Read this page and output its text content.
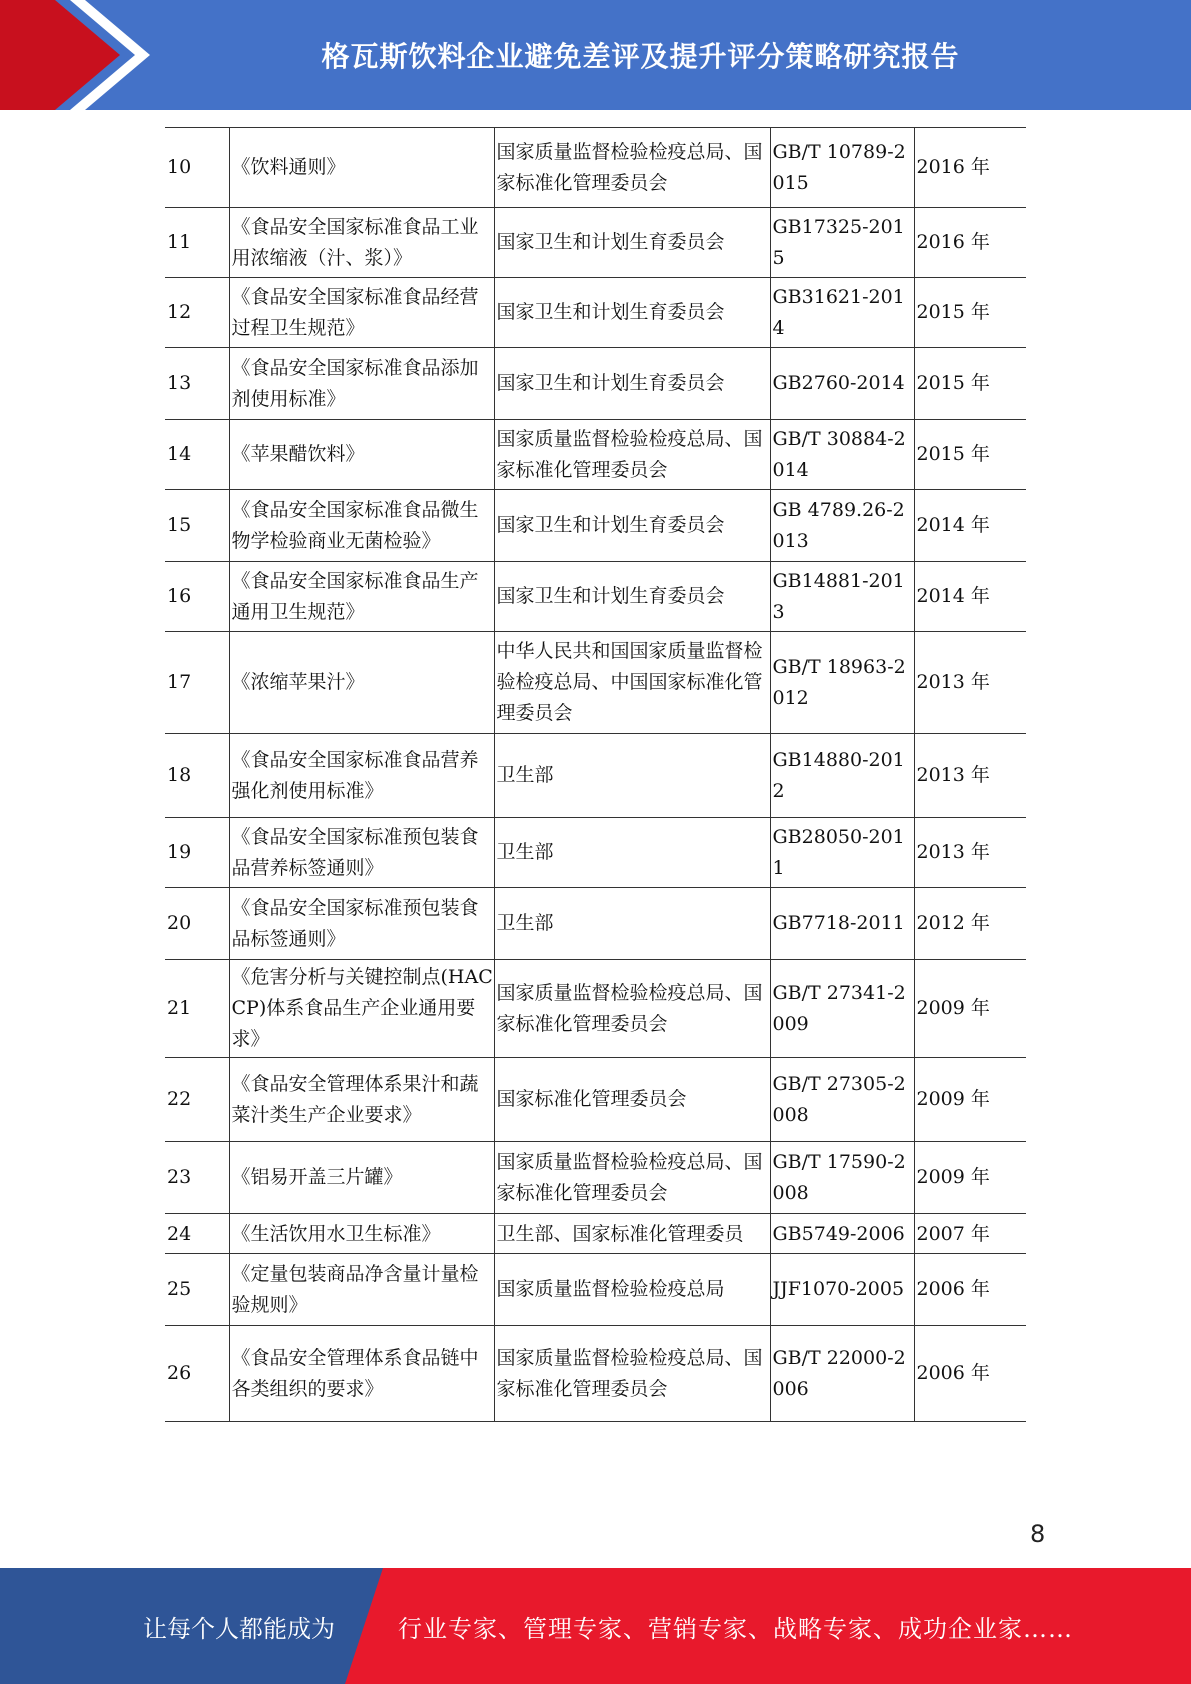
格瓦斯饮料企业避免差评及提升评分策略研究报告
10	《饮料通则》	国家质量监督检验检疫总局、国家标准化管理委员会	GB/T 10789-2015	2016 年
11	《食品安全国家标准食品工业用浓缩液（汁、浆）》	国家卫生和计划生育委员会	GB17325-2015	2016 年
12	《食品安全国家标准食品经营过程卫生规范》	国家卫生和计划生育委员会	GB31621-2014	2015 年
13	《食品安全国家标准食品添加剂使用标准》	国家卫生和计划生育委员会	GB2760-2014	2015 年
14	《苹果醋饮料》	国家质量监督检验检疫总局、国家标准化管理委员会	GB/T 30884-2014	2015 年
15	《食品安全国家标准食品微生物学检验商业无菌检验》	国家卫生和计划生育委员会	GB 4789.26-2013	2014 年
16	《食品安全国家标准食品生产通用卫生规范》	国家卫生和计划生育委员会	GB14881-2013	2014 年
17	《浓缩苹果汁》	中华人民共和国国家质量监督检验检疫总局、中国国家标准化管理委员会	GB/T 18963-2012	2013 年
18	《食品安全国家标准食品营养强化剂使用标准》	卫生部	GB14880-2012	2013 年
19	《食品安全国家标准预包装食品营养标签通则》	卫生部	GB28050-2011	2013 年
20	《食品安全国家标准预包装食品标签通则》	卫生部	GB7718-2011	2012 年
21	《危害分析与关键控制点(HACCP)体系食品生产企业通用要求》	国家质量监督检验检疫总局、国家标准化管理委员会	GB/T 27341-2009	2009 年
22	《食品安全管理体系果汁和蔬菜汁类生产企业要求》	国家标准化管理委员会	GB/T 27305-2008	2009 年
23	《铝易开盖三片罐》	国家质量监督检验检疫总局、国家标准化管理委员会	GB/T 17590-2008	2009 年
24	《生活饮用水卫生标准》	卫生部、国家标准化管理委员	GB5749-2006	2007 年
25	《定量包装商品净含量计量检验规则》	国家质量监督检验检疫总局	JJF1070-2005	2006 年
26	《食品安全管理体系食品链中各类组织的要求》	国家质量监督检验检疫总局、国家标准化管理委员会	GB/T 22000-2006	2006 年
8
让每个人都能成为	行业专家、管理专家、营销专家、战略专家、成功企业家……
